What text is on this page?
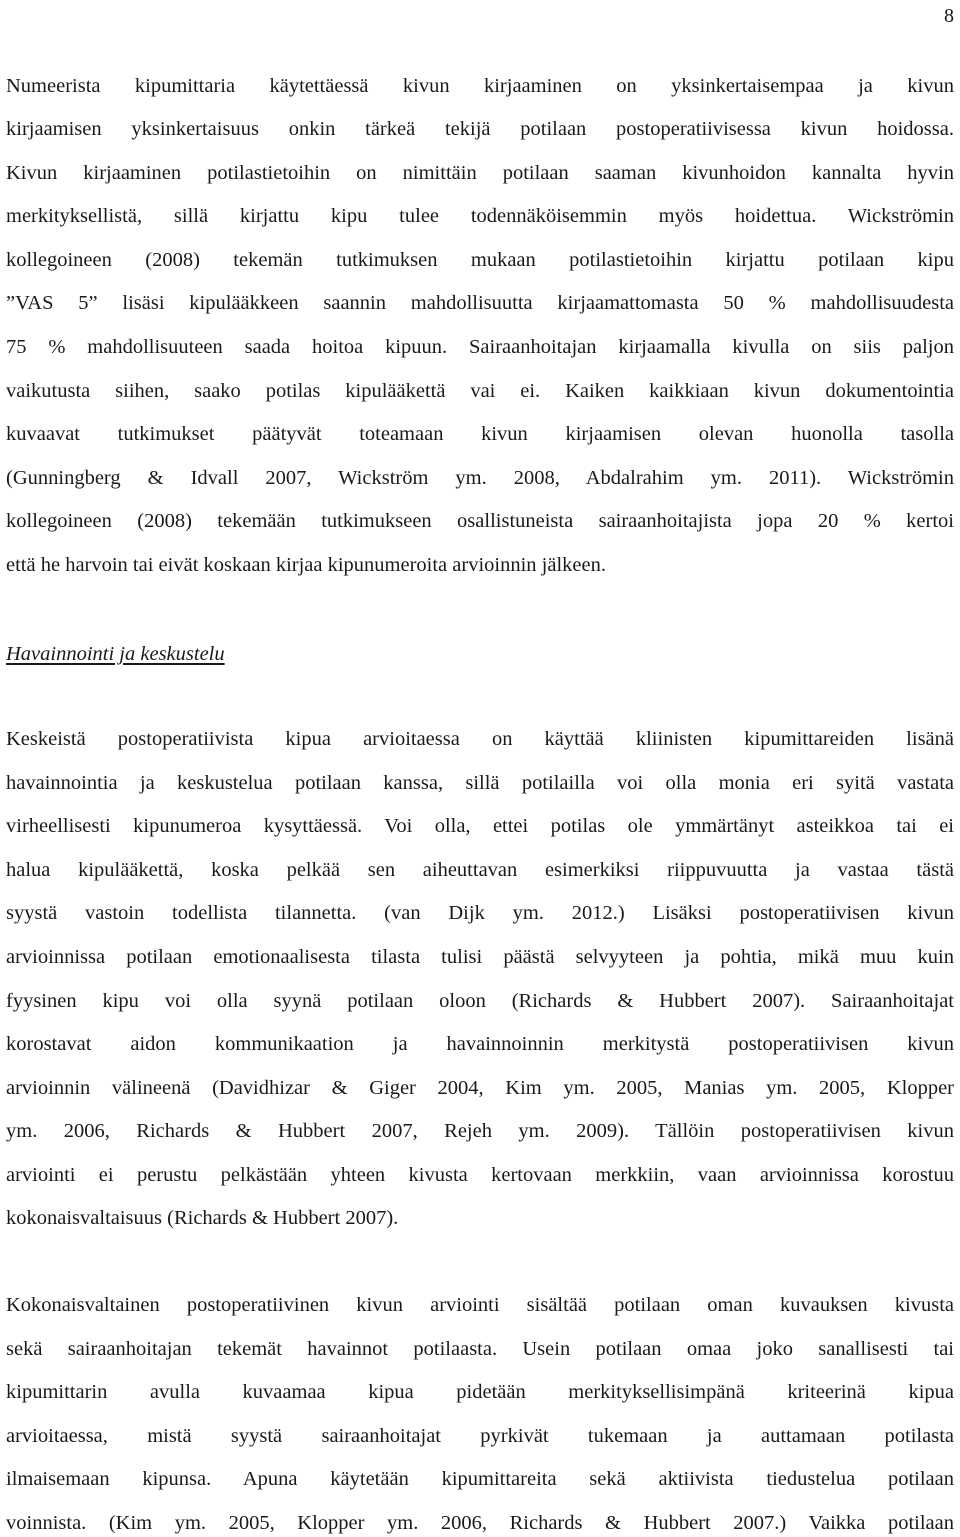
8
Numeerista kipumittaria käytettäessä kivun kirjaaminen on yksinkertaisempaa ja kivun
kirjaamisen yksinkertaisuus onkin tärkeä tekijä potilaan postoperatiivisessa kivun hoidossa.
Kivun kirjaaminen potilastietoihin on nimittäin potilaan saaman kivunhoidon kannalta hyvin
merkityksellistä, sillä kirjattu kipu tulee todennäköisemmin myös hoidettua. Wickströmin
kollegoineen (2008) tekemän tutkimuksen mukaan potilastietoihin kirjattu potilaan kipu
”VAS 5” lisäsi kipulääkkeen saannin mahdollisuutta kirjaamattomasta 50 % mahdollisuudesta
75 % mahdollisuuteen saada hoitoa kipuun. Sairaanhoitajan kirjaamalla kivulla on siis paljon
vaikutusta siihen, saako potilas kipulääkettä vai ei. Kaiken kaikkiaan kivun dokumentointia
kuvaavat tutkimukset päätyvät toteamaan kivun kirjaamisen olevan huonolla tasolla
(Gunningberg & Idvall 2007, Wickström ym. 2008, Abdalrahim ym. 2011). Wickströmin
kollegoineen (2008) tekemään tutkimukseen osallistuneista sairaanhoitajista jopa 20 % kertoi
että he harvoin tai eivät koskaan kirjaa kipunumeroita arvioinnin jälkeen.
Havainnointi ja keskustelu
Keskeistä postoperatiivista kipua arvioitaessa on käyttää kliinisten kipumittareiden lisänä
havainnointia ja keskustelua potilaan kanssa, sillä potilailla voi olla monia eri syitä vastata
virheellisesti kipunumeroa kysyttäessä. Voi olla, ettei potilas ole ymmärtänyt asteikkoa tai ei
halua kipulääkettä, koska pelkää sen aiheuttavan esimerkiksi riippuvuutta ja vastaa tästä
syystä vastoin todellista tilannetta. (van Dijk ym. 2012.) Lisäksi postoperatiivisen kivun
arvioinnissa potilaan emotionaalisesta tilasta tulisi päästä selvyyteen ja pohtia, mikä muu kuin
fyysinen kipu voi olla syynä potilaan oloon (Richards & Hubbert 2007). Sairaanhoitajat
korostavat aidon kommunikaation ja havainnoinnin merkitystä postoperatiivisen kivun
arvioinnin välineenä (Davidhizar & Giger 2004, Kim ym. 2005, Manias ym. 2005, Klopper
ym. 2006, Richards & Hubbert 2007, Rejeh ym. 2009). Tällöin postoperatiivisen kivun
arviointi ei perustu pelkästään yhteen kivusta kertovaan merkkiin, vaan arvioinnissa korostuu
kokonaisvaltaisuus (Richards & Hubbert 2007).
Kokonaisvaltainen postoperatiivinen kivun arviointi sisältää potilaan oman kuvauksen kivusta
sekä sairaanhoitajan tekemät havainnot potilaasta. Usein potilaan omaa joko sanallisesti tai
kipumittarin avulla kuvaamaa kipua pidetään merkityksellisimpänä kriteerinä kipua
arvioitaessa, mistä syystä sairaanhoitajat pyrkivät tukemaan ja auttamaan potilasta
ilmaisemaan kipunsa. Apuna käytetään kipumittareita sekä aktiivista tiedustelua potilaan
voinnista. (Kim ym. 2005, Klopper ym. 2006, Richards & Hubbert 2007.) Vaikka potilaan
